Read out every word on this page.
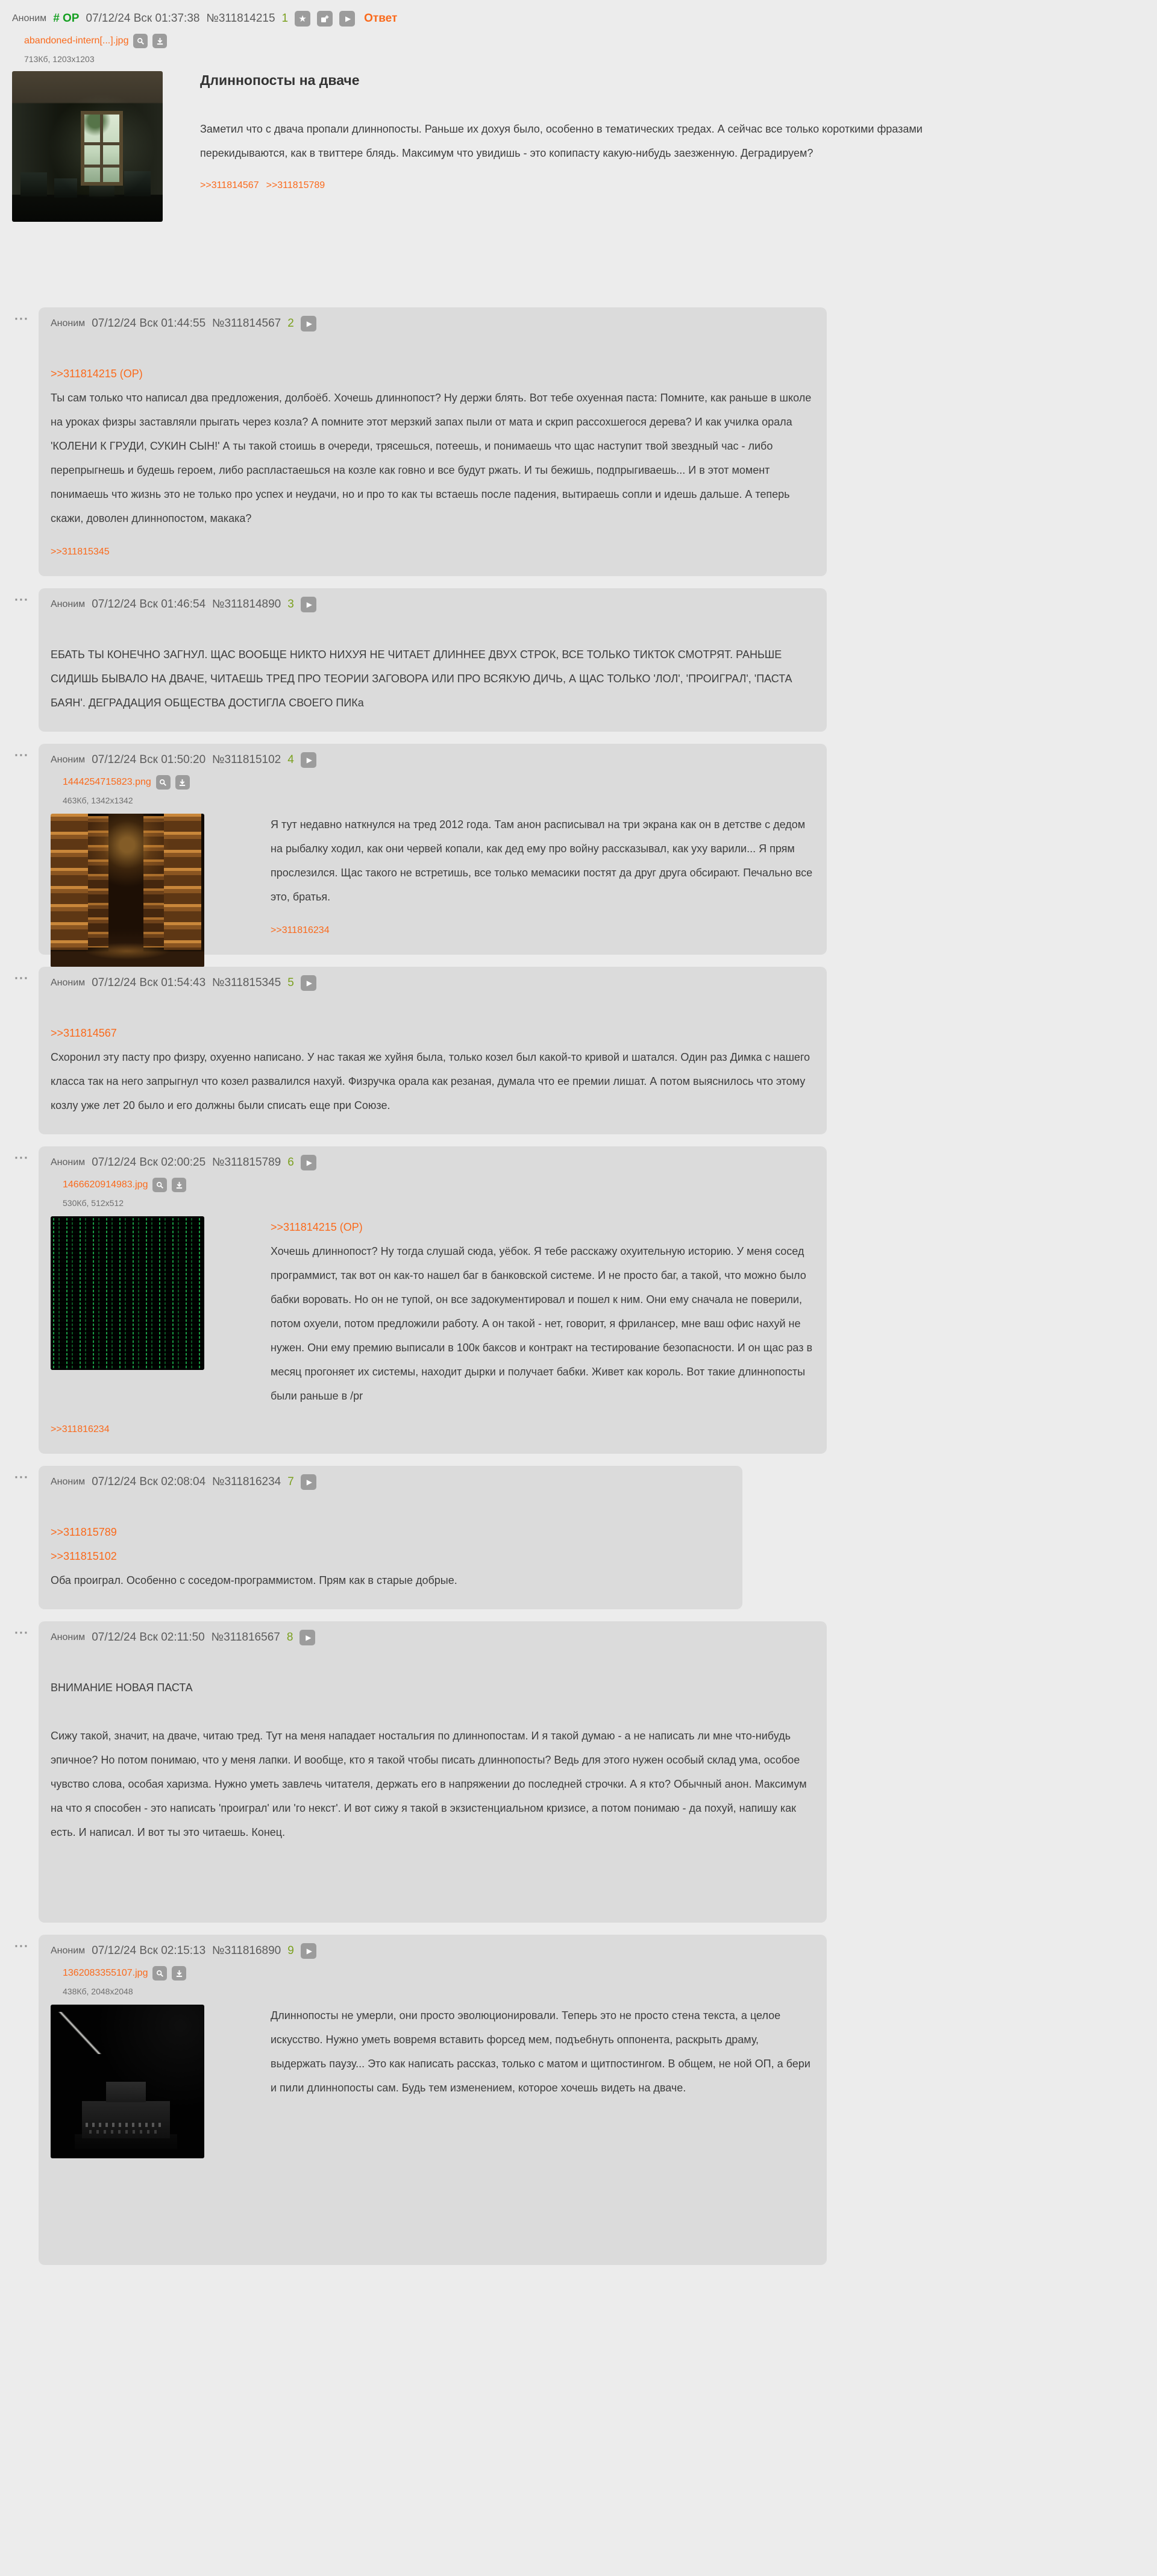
Аноним # OP 07/12/24 Вск 01:37:38 №311814215 1 ★	▶ Ответ
abandoned-intern[...].jpg
713Кб, 1203x1203
Длиннопосты на дваче
Заметил что с двача пропали длиннопосты. Раньше их дохуя было, особенно в тематических тредах. А сейчас все только короткими фразами перекидываются, как в твиттере блядь. Максимум что увидишь - это копипасту какую-нибудь заезженную. Деградируем?
>>311814567 >>311815789
··· Аноним 07/12/24 Вск 01:44:55 №311814567 2 ▶
>>311814215 (OP)
Ты сам только что написал два предложения, долбоёб. Хочешь длиннопост? Ну держи блять. Вот тебе охуенная паста: Помните, как раньше в школе на уроках физры заставляли прыгать через козла? А помните этот мерзкий запах пыли от мата и скрип рассохшегося дерева? И как училка орала 'КОЛЕНИ К ГРУДИ, СУКИН СЫН!' А ты такой стоишь в очереди, трясешься, потеешь, и понимаешь что щас наступит твой звездный час - либо перепрыгнешь и будешь героем, либо распластаешься на козле как говно и все будут ржать. И ты бежишь, подпрыгиваешь... И в этот момент понимаешь что жизнь это не только про успех и неудачи, но и про то как ты встаешь после падения, вытираешь сопли и идешь дальше. А теперь скажи, доволен длиннопостом, макака?
>>311815345
··· Аноним 07/12/24 Вск 01:46:54 №311814890 3 ▶
ЕБАТЬ ТЫ КОНЕЧНО ЗАГНУЛ. ЩАС ВООБЩЕ НИКТО НИХУЯ НЕ ЧИТАЕТ ДЛИННЕЕ ДВУХ СТРОК, ВСЕ ТОЛЬКО ТИКТОК СМОТРЯТ. РАНЬШЕ СИДИШЬ БЫВАЛО НА ДВАЧЕ, ЧИТАЕШЬ ТРЕД ПРО ТЕОРИИ ЗАГОВОРА ИЛИ ПРО ВСЯКУЮ ДИЧЬ, А ЩАС ТОЛЬКО 'ЛОЛ', 'ПРОИГРАЛ', 'ПАСТА БАЯН'. ДЕГРАДАЦИЯ ОБЩЕСТВА ДОСТИГЛА СВОЕГО ПИКа
··· Аноним 07/12/24 Вск 01:50:20 №311815102 4 ▶
1444254715823.png
463Кб, 1342x1342
Я тут недавно наткнулся на тред 2012 года. Там анон расписывал на три экрана как он в детстве с дедом на рыбалку ходил, как они червей копали, как дед ему про войну рассказывал, как уху варили... Я прям прослезился. Щас такого не встретишь, все только мемасики постят да друг друга обсирают. Печально все это, братья.
>>311816234
··· Аноним 07/12/24 Вск 01:54:43 №311815345 5 ▶
>>311814567
Схоронил эту пасту про физру, охуенно написано. У нас такая же хуйня была, только козел был какой-то кривой и шатался. Один раз Димка с нашего класса так на него запрыгнул что козел развалился нахуй. Физручка орала как резаная, думала что ее премии лишат. А потом выяснилось что этому козлу уже лет 20 было и его должны были списать еще при Союзе.
··· Аноним 07/12/24 Вск 02:00:25 №311815789 6 ▶
1466620914983.jpg
530Кб, 512x512
>>311814215 (OP)
Хочешь длиннопост? Ну тогда слушай сюда, уёбок. Я тебе расскажу охуительную историю. У меня сосед программист, так вот он как-то нашел баг в банковской системе. И не просто баг, а такой, что можно было бабки воровать. Но он не тупой, он все задокументировал и пошел к ним. Они ему сначала не поверили, потом охуели, потом предложили работу. А он такой - нет, говорит, я фрилансер, мне ваш офис нахуй не нужен. Они ему премию выписали в 100к баксов и контракт на тестирование безопасности. И он щас раз в месяц прогоняет их системы, находит дырки и получает бабки. Живет как король. Вот такие длиннопосты были раньше в /pr
>>311816234
··· Аноним 07/12/24 Вск 02:08:04 №311816234 7 ▶
>>311815789
>>311815102
Оба проиграл. Особенно с соседом-программистом. Прям как в старые добрые.
··· Аноним 07/12/24 Вск 02:11:50 №311816567 8 ▶
ВНИМАНИЕ НОВАЯ ПАСТА
Сижу такой, значит, на дваче, читаю тред. Тут на меня нападает ностальгия по длиннопостам. И я такой думаю - а не написать ли мне что-нибудь эпичное? Но потом понимаю, что у меня лапки. И вообще, кто я такой чтобы писать длиннопосты? Ведь для этого нужен особый склад ума, особое чувство слова, особая харизма. Нужно уметь завлечь читателя, держать его в напряжении до последней строчки. А я кто? Обычный анон. Максимум на что я способен - это написать 'проиграл' или 'го некст'. И вот сижу я такой в экзистенциальном кризисе, а потом понимаю - да похуй, напишу как есть. И написал. И вот ты это читаешь. Конец.
··· Аноним 07/12/24 Вск 02:15:13 №311816890 9 ▶
1362083355107.jpg
438Кб, 2048x2048
Длиннопосты не умерли, они просто эволюционировали. Теперь это не просто стена текста, а целое искусство. Нужно уметь вовремя вставить форсед мем, подъебнуть оппонента, раскрыть драму, выдержать паузу... Это как написать рассказ, только с матом и щитпостингом. В общем, не ной ОП, а бери и пили длиннопосты сам. Будь тем изменением, которое хочешь видеть на дваче.
